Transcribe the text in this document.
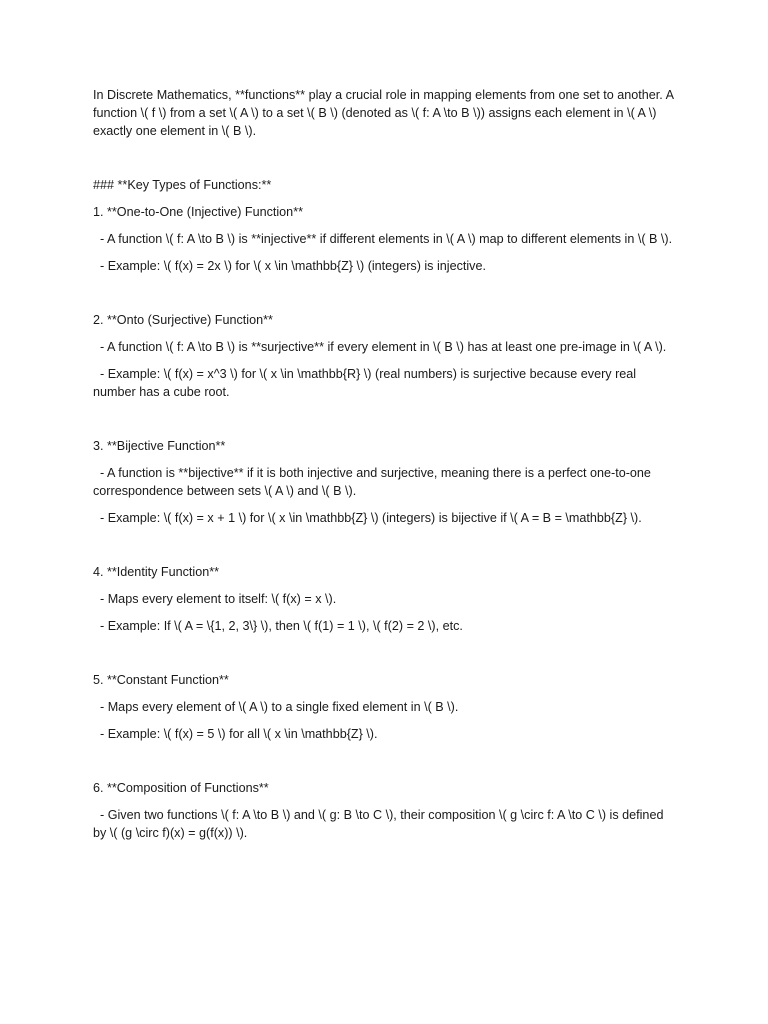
In Discrete Mathematics, **functions** play a crucial role in mapping elements from one set to another. A function \( f \) from a set \( A \) to a set \( B \) (denoted as \( f: A \to B \)) assigns each element in \( A \) exactly one element in \( B \).

### **Key Types of Functions:**

1. **One-to-One (Injective) Function**

- A function \( f: A \to B \) is **injective** if different elements in \( A \) map to different elements in \( B \).

- Example: \( f(x) = 2x \) for \( x \in \mathbb{Z} \) (integers) is injective.

2. **Onto (Surjective) Function**

- A function \( f: A \to B \) is **surjective** if every element in \( B \) has at least one pre-image in \( A \).

- Example: \( f(x) = x^3 \) for \( x \in \mathbb{R} \) (real numbers) is surjective because every real number has a cube root.

3. **Bijective Function**

- A function is **bijective** if it is both injective and surjective, meaning there is a perfect one-to-one correspondence between sets \( A \) and \( B \).

- Example: \( f(x) = x + 1 \) for \( x \in \mathbb{Z} \) (integers) is bijective if \( A = B = \mathbb{Z} \).

4. **Identity Function**

- Maps every element to itself: \( f(x) = x \).

- Example: If \( A = \{1, 2, 3\} \), then \( f(1) = 1 \), \( f(2) = 2 \), etc.

5. **Constant Function**

- Maps every element of \( A \) to a single fixed element in \( B \).

- Example: \( f(x) = 5 \) for all \( x \in \mathbb{Z} \).

6. **Composition of Functions**

- Given two functions \( f: A \to B \) and \( g: B \to C \), their composition \( g \circ f: A \to C \) is defined by \( (g \circ f)(x) = g(f(x)) \).
